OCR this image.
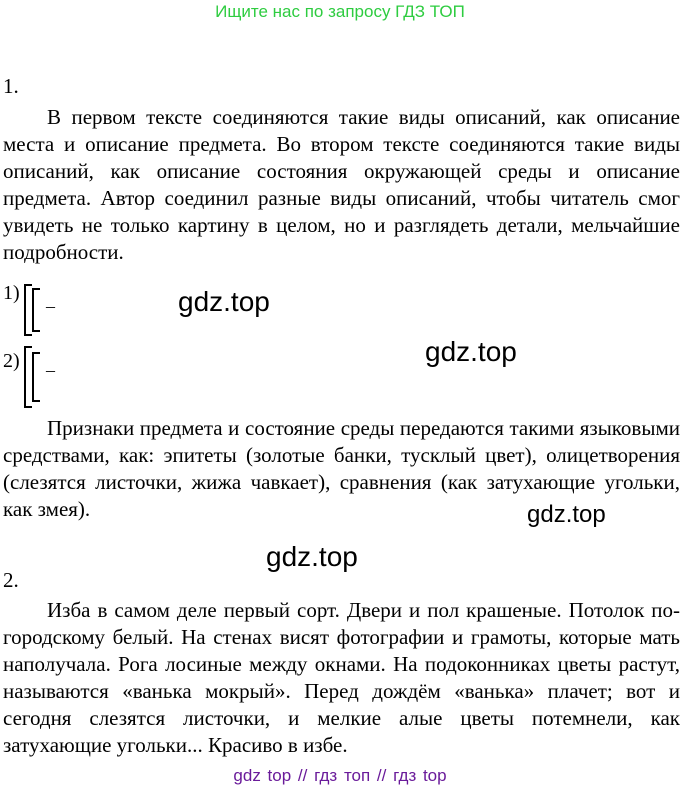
Ищите нас по запросу ГДЗ ТОП
1.

В первом тексте соединяются такие виды описаний, как описание места и описание предмета. Во втором тексте соединяются такие виды описаний, как описание состояния окружающей среды и описание предмета. Автор соединил разные виды описаний, чтобы читатель смог увидеть не только картину в целом, но и разглядеть детали, мельчайшие подробности.

1)
–	gdz.top
2) –
gdz.top

Признаки предмета и состояние среды передаются такими языковыми средствами, как: эпитеты (золотые банки, тусклый цвет), олицетворения (слезятся листочки, жижа чавкает), сравнения (как затухающие угольки, как змея).	gdz.top
gdz.top
2.

Изба в самом деле первый сорт. Двери и пол крашеные. Потолок по-городскому белый. На стенах висят фотографии и грамоты, которые мать наполучала. Рога лосиные между окнами. На подоконниках цветы растут, называются «ванька мокрый». Перед дождём «ванька» плачет; вот и сегодня слезятся листочки, и мелкие алые цветы потемнели, как затухающие угольки... Красиво в избе.

gdz top // гдз топ // гдз top
